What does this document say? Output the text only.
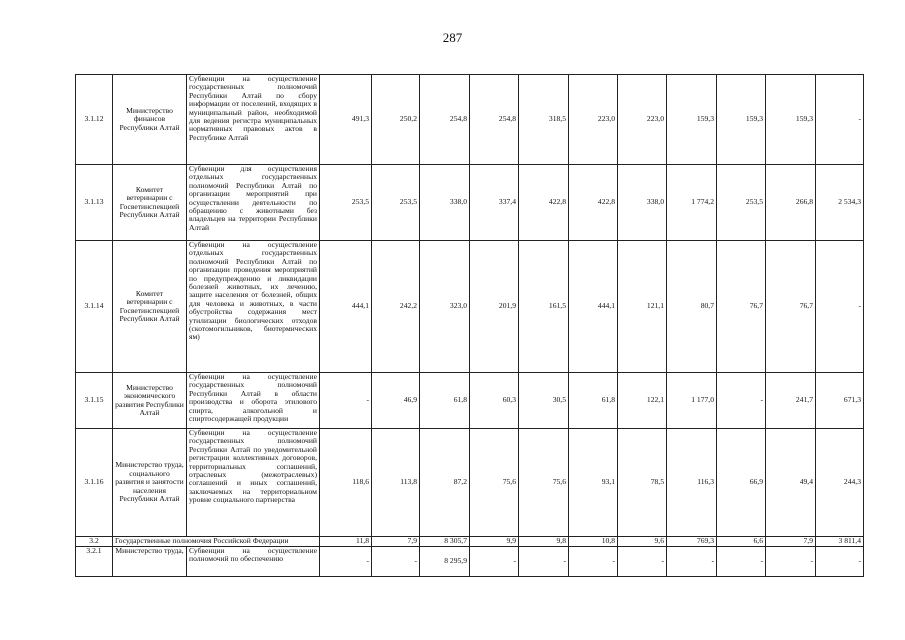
287
3.1.12	Министерство финансов Республики Алтай	Субвенции на осуществление государственных полномочий Республики Алтай по сбору информации от поселений, входящих в муниципальный район, необходимой для ведения регистра муниципальных нормативных правовых актов в Республике Алтай	491,3	250,2	254,8	254,8	318,5	223,0	223,0	159,3	159,3	159,3	-
3.1.13	Комитет ветеринарии с Госветинспекцией Республики Алтай	Субвенции для осуществления отдельных государственных полномочий Республики Алтай по организации мероприятий при осуществлении деятельности по обращению с животными без владельцев на территории Республики Алтай	253,5	253,5	338,0	337,4	422,8	422,8	338,0	1 774,2	253,5	266,8	2 534,3
3.1.14	Комитет ветеринарии с Госветинспекцией Республики Алтай	Субвенции на осуществление отдельных государственных полномочий Республики Алтай по организации проведения мероприятий по предупреждению и ликвидации болезней животных, их лечению, защите населения от болезней, общих для человека и животных, в части обустройства содержания мест утилизации биологических отходов (скотомогильников, биотермических ям)	444,1	242,2	323,0	201,9	161,5	444,1	121,1	80,7	76,7	76,7	-
3.1.15	Министерство экономического развития Республики Алтай	Субвенции на осуществление государственных полномочий Республики Алтай в области производства и оборота этилового спирта, алкогольной и спиртосодержащей продукции	-	46,9	61,8	60,3	30,5	61,8	122,1	1 177,0	-	241,7	671,3
3.1.16	Министерство труда, социального развития и занятости населения Республики Алтай	Субвенции на осуществление государственных полномочий Республики Алтай по уведомительной регистрации коллективных договоров, территориальных соглашений, отраслевых (межотраслевых) соглашений и иных соглашений, заключаемых на территориальном уровне социального партнерства	118,6	113,8	87,2	75,6	75,6	93,1	78,5	116,3	66,9	49,4	244,3
3.2	Государственные полномочия Российской Федерации		11,8	7,9	8 305,7	9,9	9,8	10,8	9,6	769,3	6,6	7,9	3 811,4
3.2.1	Министерство труда,	Субвенции на осуществление полномочий по обеспечению	-	-	8 295,9	-	-	-	-	-	-	-	-
